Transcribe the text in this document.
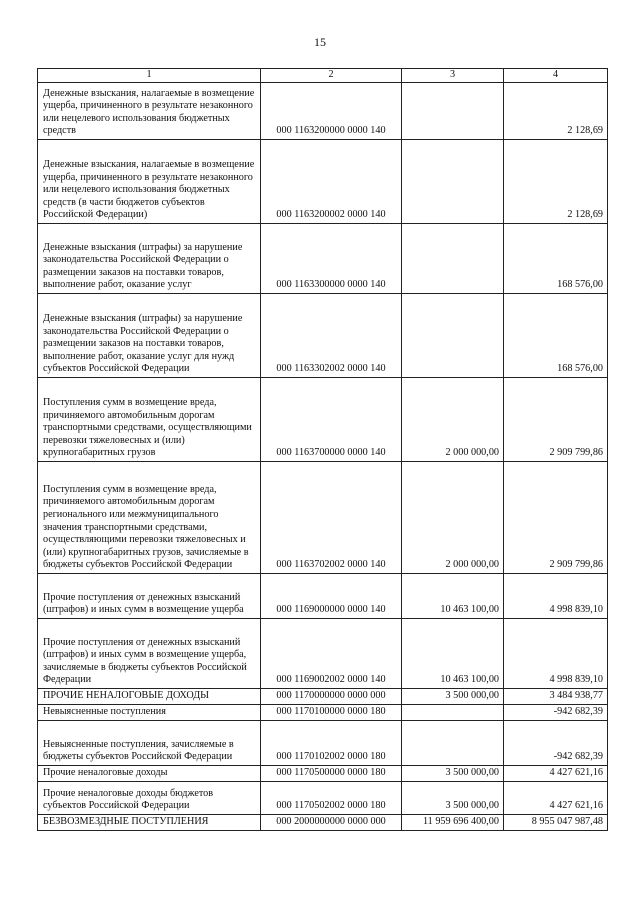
15
1	2	3	4
Денежные взыскания, налагаемые в возмещение ущерба, причиненного в результате незаконного или нецелевого использования бюджетных средств	000 1163200000 0000 140		2 128,69
Денежные взыскания, налагаемые в возмещение ущерба, причиненного в результате незаконного или нецелевого использования бюджетных средств (в части бюджетов субъектов Российской Федерации)	000 1163200002 0000 140		2 128,69
Денежные взыскания (штрафы) за нарушение законодательства Российской Федерации о размещении заказов на поставки товаров, выполнение работ, оказание услуг	000 1163300000 0000 140		168 576,00
Денежные взыскания (штрафы) за нарушение законодательства Российской Федерации о размещении заказов на поставки товаров, выполнение работ, оказание услуг для нужд субъектов Российской Федерации	000 1163302002 0000 140		168 576,00
Поступления сумм в возмещение вреда, причиняемого автомобильным дорогам транспортными средствами, осуществляющими перевозки тяжеловесных и (или) крупногабаритных грузов	000 1163700000 0000 140	2 000 000,00	2 909 799,86
Поступления сумм в возмещение вреда, причиняемого автомобильным дорогам регионального или межмуниципального значения транспортными средствами, осуществляющими перевозки тяжеловесных и (или) крупногабаритных грузов, зачисляемые в бюджеты субъектов Российской Федерации	000 1163702002 0000 140	2 000 000,00	2 909 799,86
Прочие поступления от денежных взысканий (штрафов) и иных сумм в возмещение ущерба	000 1169000000 0000 140	10 463 100,00	4 998 839,10
Прочие поступления от денежных взысканий (штрафов) и иных сумм в возмещение ущерба, зачисляемые в бюджеты субъектов Российской Федерации	000 1169002002 0000 140	10 463 100,00	4 998 839,10
ПРОЧИЕ НЕНАЛОГОВЫЕ ДОХОДЫ	000 1170000000 0000 000	3 500 000,00	3 484 938,77
Невыясненные поступления	000 1170100000 0000 180		-942 682,39
Невыясненные поступления, зачисляемые в бюджеты субъектов Российской Федерации	000 1170102002 0000 180		-942 682,39
Прочие неналоговые доходы	000 1170500000 0000 180	3 500 000,00	4 427 621,16
Прочие неналоговые доходы бюджетов субъектов Российской Федерации	000 1170502002 0000 180	3 500 000,00	4 427 621,16
БЕЗВОЗМЕЗДНЫЕ ПОСТУПЛЕНИЯ	000 2000000000 0000 000	11 959 696 400,00	8 955 047 987,48
